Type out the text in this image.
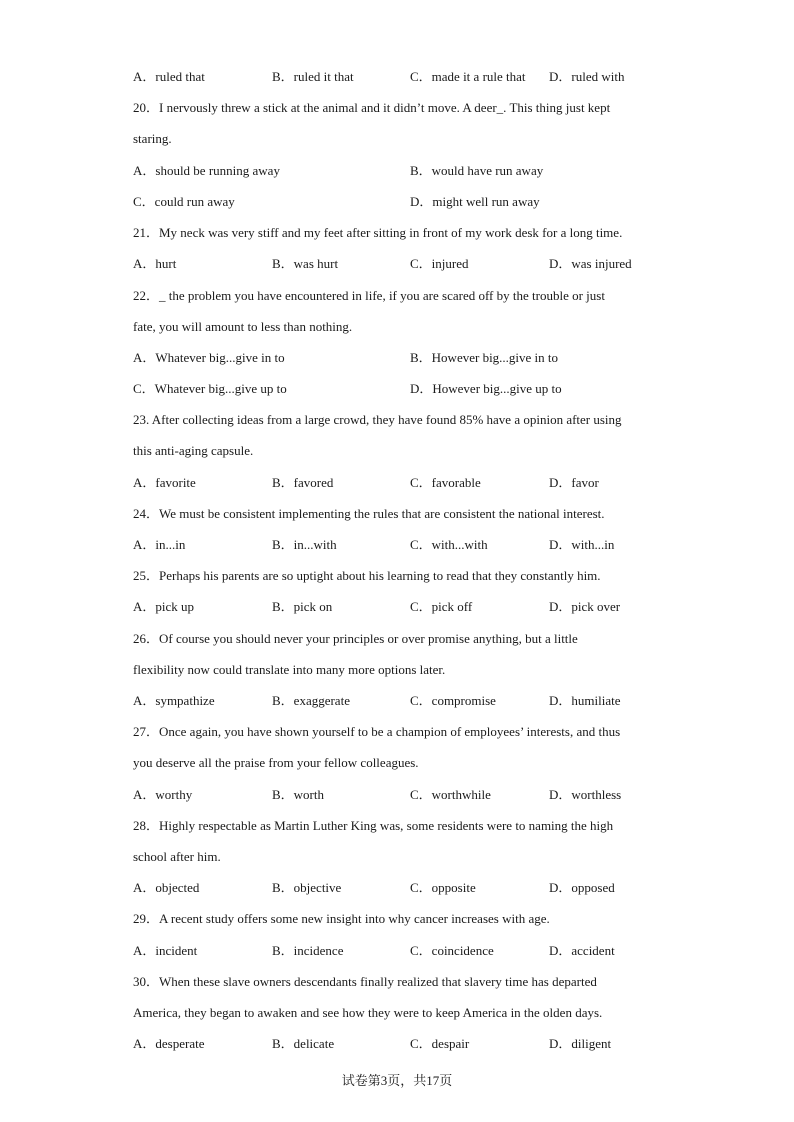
A．ruled that	B．ruled it that	C．made it a rule that D．ruled with
20．I nervously threw a stick at the animal and it didn’t move. A deer_. This thing just kept
staring.
A．should be running away	B．would have run away
C．could run away	D．might well run away
21．My neck was very stiff and my feet after sitting in front of my work desk for a long time.
A．hurt	B．was hurt	C．injured	D．was injured
22．_ the problem you have encountered in life, if you are scared off by the trouble or just
fate, you will amount to less than nothing.
A．Whatever big...give in to	B．However big...give in to
C．Whatever big...give up to	D．However big...give up to
23. After collecting ideas from a large crowd, they have found 85% have a opinion after using
this anti-aging capsule.
A．favorite	B．favored	C．favorable	D．favor
24．We must be consistent implementing the rules that are consistent the national interest.
A．in...in	B．in...with	C．with...with	D．with...in
25．Perhaps his parents are so uptight about his learning to read that they constantly him.
A．pick up	B．pick on	C．pick off	D．pick over
26．Of course you should never your principles or over promise anything, but a little
flexibility now could translate into many more options later.
A．sympathize	B．exaggerate	C．compromise	D．humiliate
27．Once again, you have shown yourself to be a champion of employees’ interests, and thus
you deserve all the praise from your fellow colleagues.
A．worthy	B．worth	C．worthwhile	D．worthless
28．Highly respectable as Martin Luther King was, some residents were to naming the high
school after him.
A．objected	B．objective	C．opposite	D．opposed
29．A recent study offers some new insight into why cancer increases with age.
A．incident	B．incidence	C．coincidence	D．accident
30．When these slave owners descendants finally realized that slavery time has departed
America, they began to awaken and see how they were to keep America in the olden days.
A．desperate	B．delicate	C．despair	D．diligent
试卷第3页，共17页
